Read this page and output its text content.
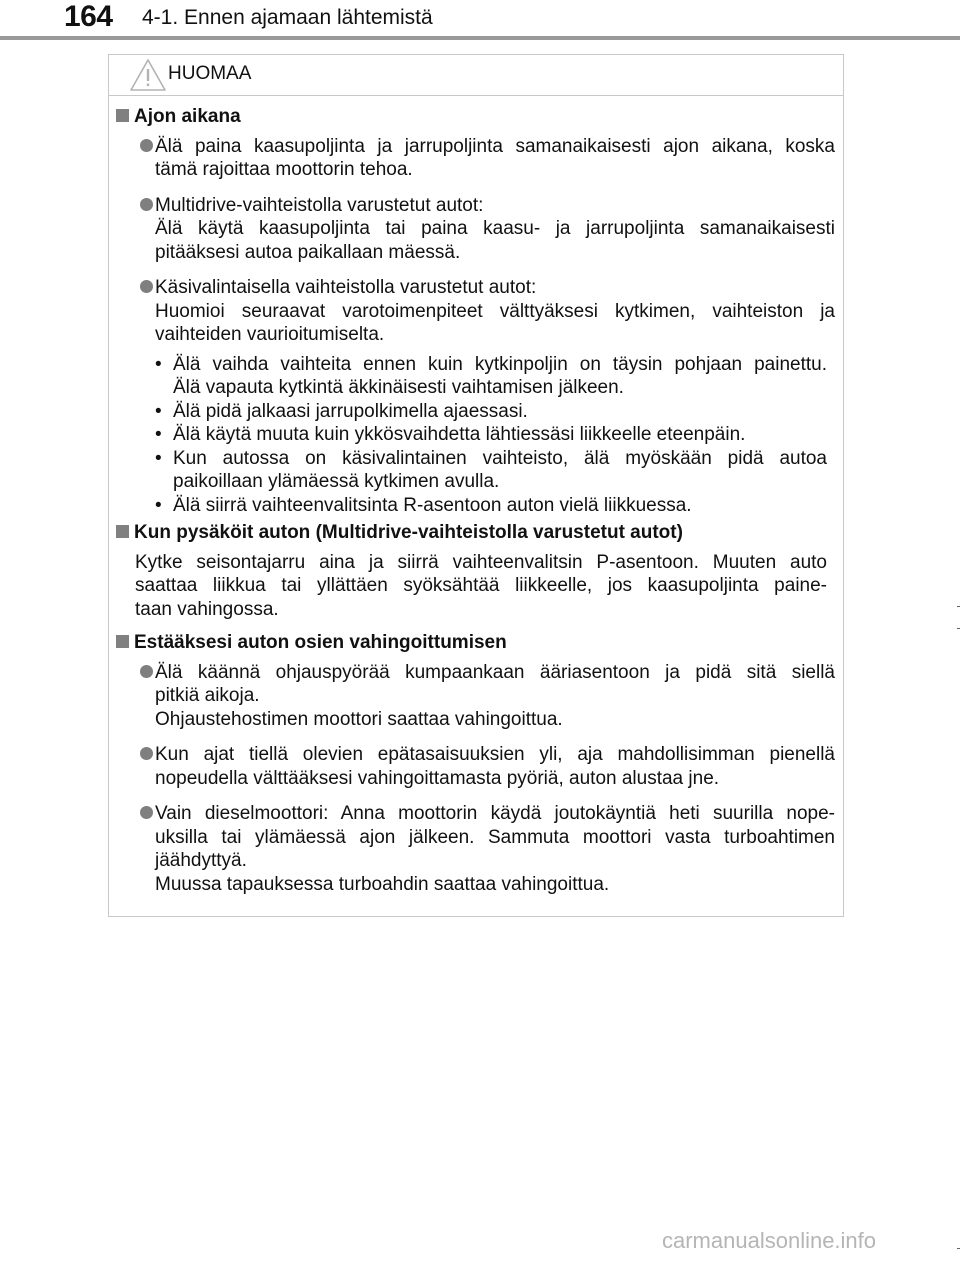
164 4-1. Ennen ajamaan lähtemistä
HUOMAA
Ajon aikana
Älä paina kaasupoljinta ja jarrupoljinta samanaikaisesti ajon aikana, koska
tämä rajoittaa moottorin tehoa.
Multidrive-vaihteistolla varustetut autot:
Älä käytä kaasupoljinta tai paina kaasu- ja jarrupoljinta samanaikaisesti
pitääksesi autoa paikallaan mäessä.
Käsivalintaisella vaihteistolla varustetut autot:
Huomioi seuraavat varotoimenpiteet välttyäksesi kytkimen, vaihteiston ja
vaihteiden vaurioitumiselta.
• Älä vaihda vaihteita ennen kuin kytkinpoljin on täysin pohjaan painettu.
Älä vapauta kytkintä äkkinäisesti vaihtamisen jälkeen.
• Älä pidä jalkaasi jarrupolkimella ajaessasi.
• Älä käytä muuta kuin ykkösvaihdetta lähtiessäsi liikkeelle eteenpäin.
• Kun autossa on käsivalintainen vaihteisto, älä myöskään pidä autoa
paikoillaan ylämäessä kytkimen avulla.
• Älä siirrä vaihteenvalitsinta R-asentoon auton vielä liikkuessa.
Kun pysäköit auton (Multidrive-vaihteistolla varustetut autot)
Kytke seisontajarru aina ja siirrä vaihteenvalitsin P-asentoon. Muuten auto
saattaa liikkua tai yllättäen syöksähtää liikkeelle, jos kaasupoljinta paine-
taan vahingossa.
Estääksesi auton osien vahingoittumisen
Älä käännä ohjauspyörää kumpaankaan ääriasentoon ja pidä sitä siellä
pitkiä aikoja.
Ohjaustehostimen moottori saattaa vahingoittua.
Kun ajat tiellä olevien epätasaisuuksien yli, aja mahdollisimman pienellä
nopeudella välttääksesi vahingoittamasta pyöriä, auton alustaa jne.
Vain dieselmoottori: Anna moottorin käydä joutokäyntiä heti suurilla nope-
uksilla tai ylämäessä ajon jälkeen. Sammuta moottori vasta turboahtimen
jäähdyttyä.
Muussa tapauksessa turboahdin saattaa vahingoittua.
carmanualsonline.info
